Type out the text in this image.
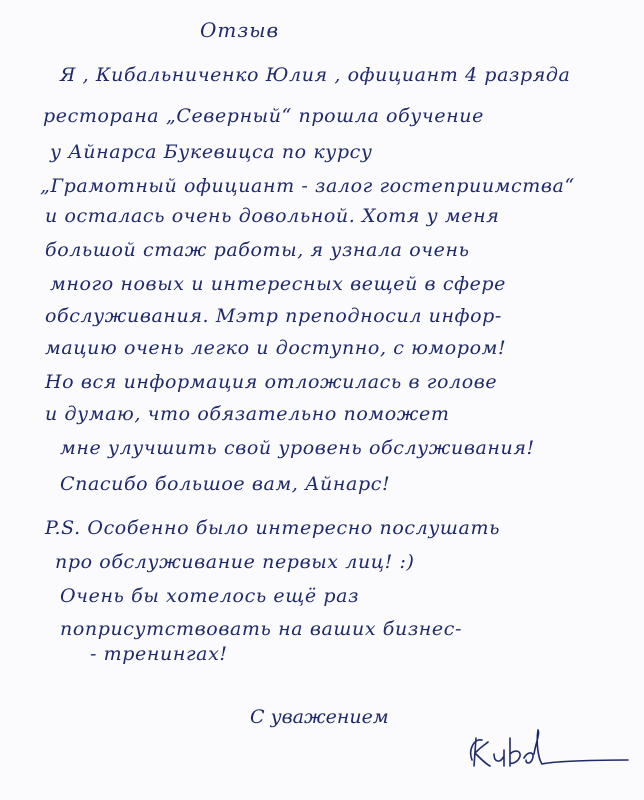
Отзыв
Я , Кибальниченко Юлия , официант 4 разряда
ресторана „Северный“ прошла обучение
у Айнарса Букевицса по курсу
„Грамотный официант - залог гостеприимства“
и осталась очень довольной. Хотя у меня
большой стаж работы, я узнала очень
много новых и интересных вещей в сфере
обслуживания. Мэтр преподносил инфор-
мацию очень легко и доступно, с юмором!
Но вся информация отложилась в голове
и думаю, что обязательно поможет
мне улучшить свой уровень обслуживания!
Спасибо большое вам, Айнарс!
P.S. Особенно было интересно послушать
про обслуживание первых лиц! :)
Очень бы хотелось ещё раз
поприсутствовать на ваших бизнес-
- тренингах!
С уважением
